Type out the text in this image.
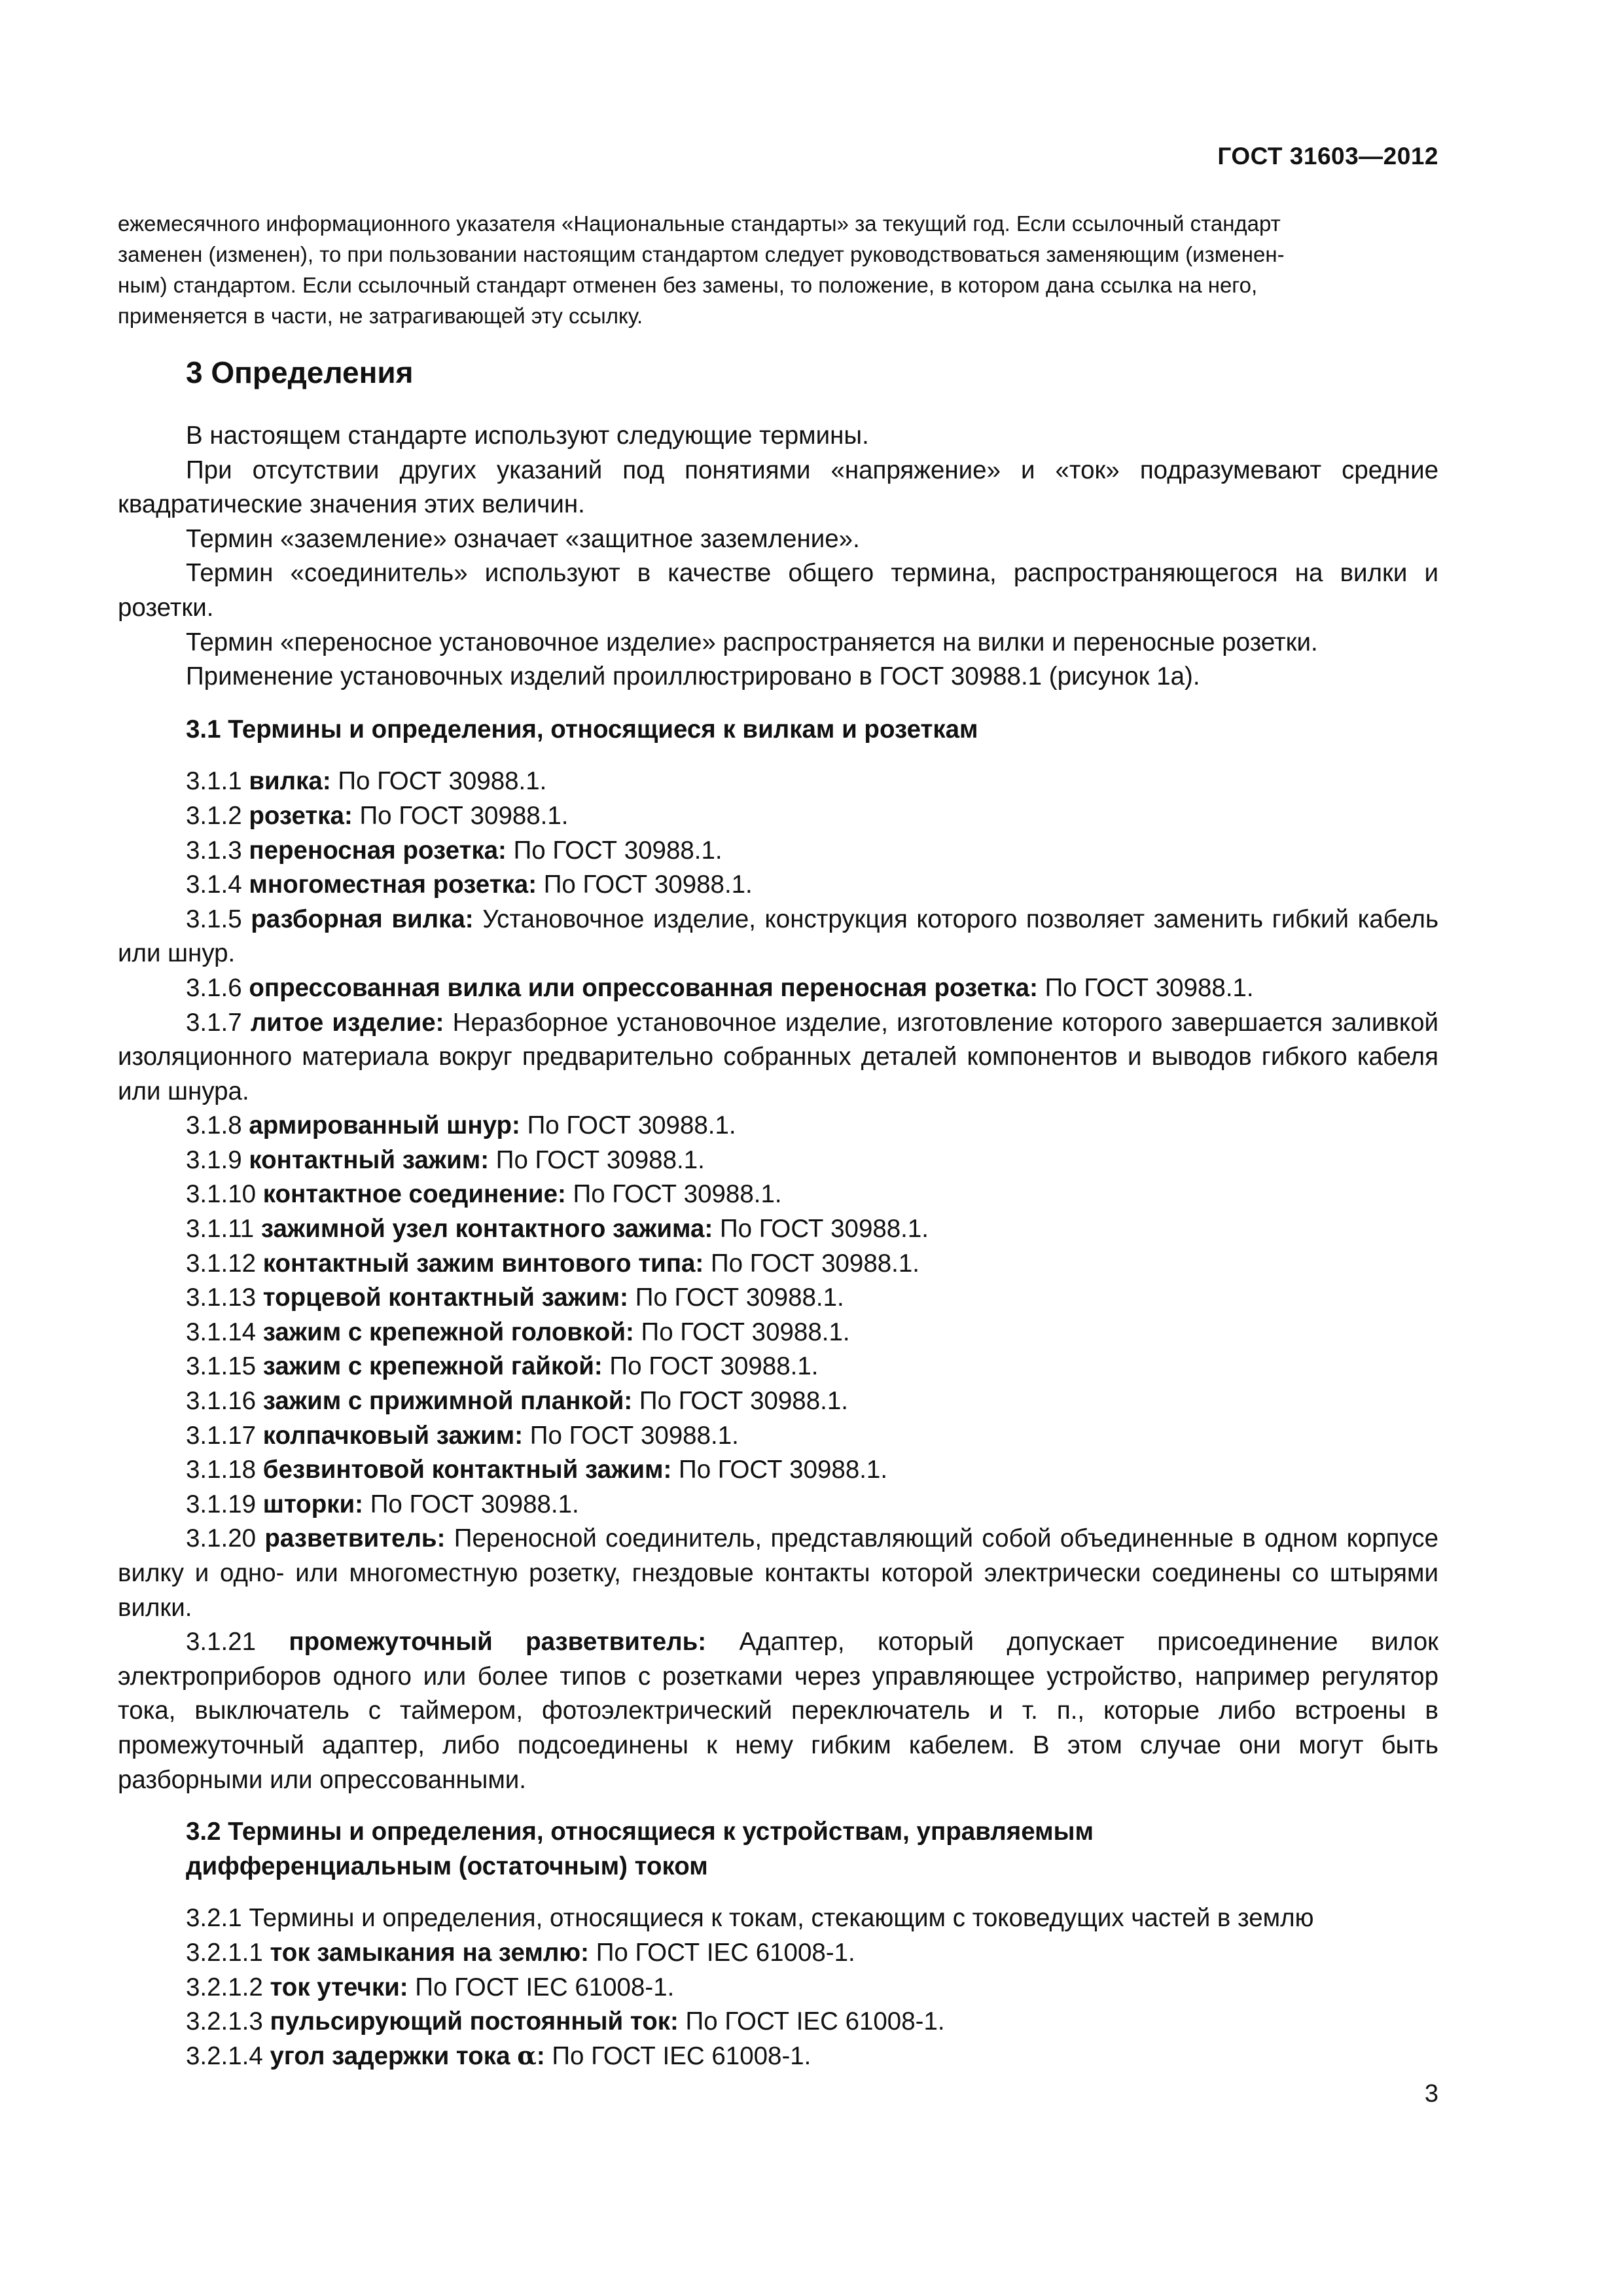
ГОСТ 31603—2012

ежемесячного информационного указателя «Национальные стандарты» за текущий год. Если ссылочный стандарт

заменен (изменен), то при пользовании настоящим стандартом следует руководствоваться заменяющим (изменен-

ным) стандартом. Если ссылочный стандарт отменен без замены, то положение, в котором дана ссылка на него,

применяется в части, не затрагивающей эту ссылку.

3 Определения

В настоящем стандарте используют следующие термины.

При отсутствии других указаний под понятиями «напряжение» и «ток» подразумевают средние квадратические значения этих величин.

Термин «заземление» означает «защитное заземление».

Термин «соединитель» используют в качестве общего термина, распространяющегося на вилки и розетки.

Термин «переносное установочное изделие» распространяется на вилки и переносные розетки.

Применение установочных изделий проиллюстрировано в ГОСТ 30988.1 (рисунок 1а).

3.1 Термины и определения, относящиеся к вилкам и розеткам

3.1.1 вилка: По ГОСТ 30988.1.

3.1.2 розетка: По ГОСТ 30988.1.

3.1.3 переносная розетка: По ГОСТ 30988.1.

3.1.4 многоместная розетка: По ГОСТ 30988.1.

3.1.5 разборная вилка: Установочное изделие, конструкция которого позволяет заменить гибкий кабель или шнур.

3.1.6 опрессованная вилка или опрессованная переносная розетка: По ГОСТ 30988.1.

3.1.7 литое изделие: Неразборное установочное изделие, изготовление которого завершается заливкой изоляционного материала вокруг предварительно собранных деталей компонентов и выводов гибкого кабеля или шнура.

3.1.8 армированный шнур: По ГОСТ 30988.1.

3.1.9 контактный зажим: По ГОСТ 30988.1.

3.1.10 контактное соединение: По ГОСТ 30988.1.

3.1.11 зажимной узел контактного зажима: По ГОСТ 30988.1.

3.1.12 контактный зажим винтового типа: По ГОСТ 30988.1.

3.1.13 торцевой контактный зажим: По ГОСТ 30988.1.

3.1.14 зажим с крепежной головкой: По ГОСТ 30988.1.

3.1.15 зажим с крепежной гайкой: По ГОСТ 30988.1.

3.1.16 зажим с прижимной планкой: По ГОСТ 30988.1.

3.1.17 колпачковый зажим: По ГОСТ 30988.1.

3.1.18 безвинтовой контактный зажим: По ГОСТ 30988.1.

3.1.19 шторки: По ГОСТ 30988.1.

3.1.20 разветвитель: Переносной соединитель, представляющий собой объединенные в одном корпусе вилку и одно- или многоместную розетку, гнездовые контакты которой электрически соединены со штырями вилки.

3.1.21 промежуточный разветвитель: Адаптер, который допускает присоединение вилок электроприборов одного или более типов с розетками через управляющее устройство, например регулятор тока, выключатель с таймером, фотоэлектрический переключатель и т. п., которые либо встроены в промежуточный адаптер, либо подсоединены к нему гибким кабелем. В этом случае они могут быть разборными или опрессованными.

3.2 Термины и определения, относящиеся к устройствам, управляемым
дифференциальным (остаточным) током

3.2.1 Термины и определения, относящиеся к токам, стекающим с токоведущих частей в землю

3.2.1.1 ток замыкания на землю: По ГОСТ IEC 61008-1.

3.2.1.2 ток утечки: По ГОСТ IEC 61008-1.

3.2.1.3 пульсирующий постоянный ток: По ГОСТ IEC 61008-1.

3.2.1.4 угол задержки тока α: По ГОСТ IEC 61008-1.

3
